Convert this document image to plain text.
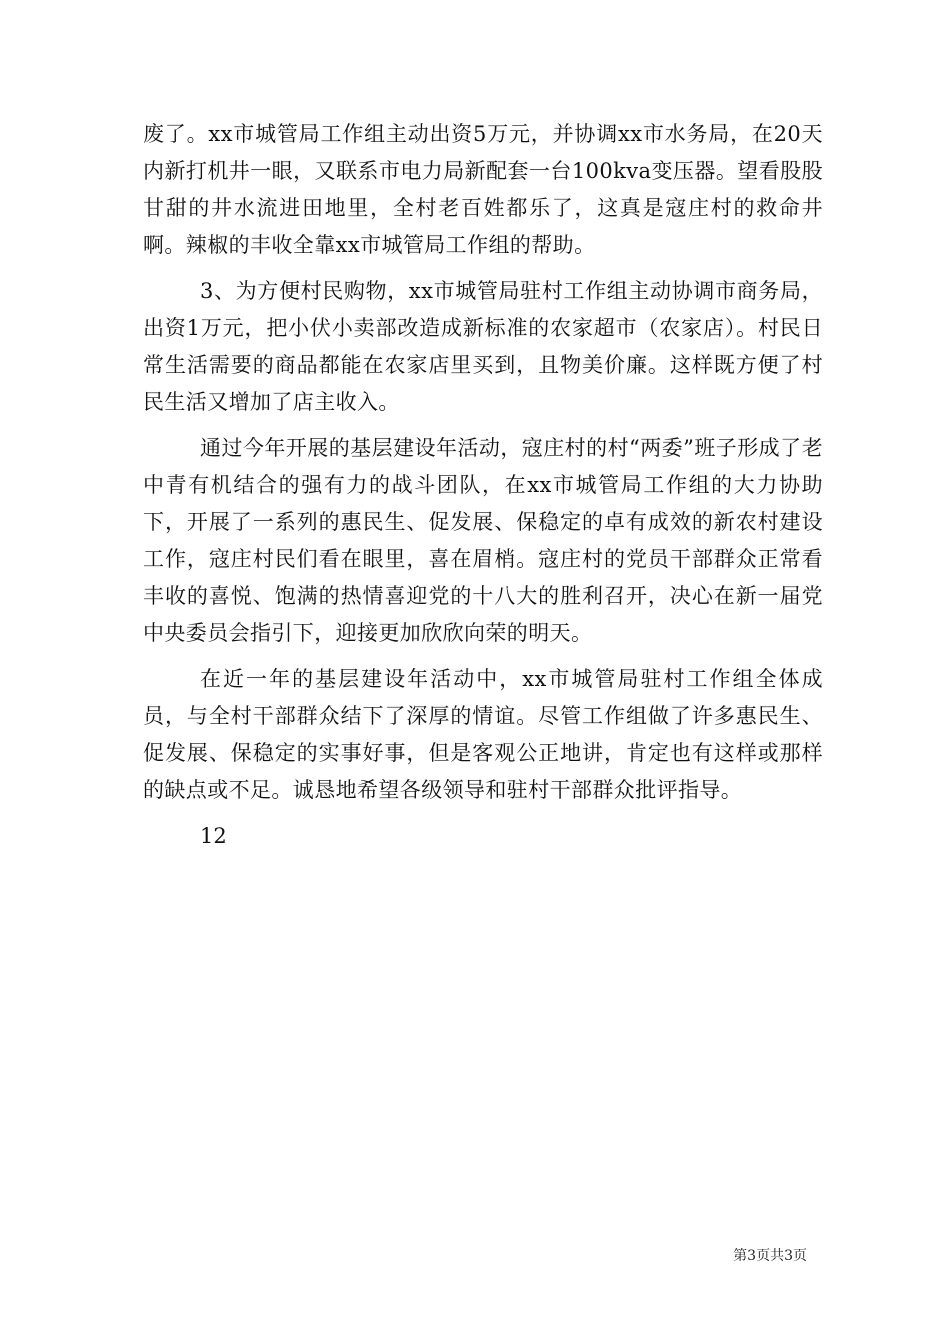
废了。xx市城管局工作组主动出资5万元，并协调xx市水务局，在20天内新打机井一眼，又联系市电力局新配套一台100kva变压器。望看股股甘甜的井水流进田地里，全村老百姓都乐了，这真是寇庄村的救命井啊。辣椒的丰收全靠xx市城管局工作组的帮助。

3、为方便村民购物，xx市城管局驻村工作组主动协调市商务局，出资1万元，把小伏小卖部改造成新标准的农家超市（农家店）。村民日常生活需要的商品都能在农家店里买到，且物美价廉。这样既方便了村民生活又增加了店主收入。

通过今年开展的基层建设年活动，寇庄村的村“两委”班子形成了老中青有机结合的强有力的战斗团队，在xx市城管局工作组的大力协助下，开展了一系列的惠民生、促发展、保稳定的卓有成效的新农村建设工作，寇庄村民们看在眼里，喜在眉梢。寇庄村的党员干部群众正常看丰收的喜悦、饱满的热情喜迎党的十八大的胜利召开，决心在新一届党中央委员会指引下，迎接更加欣欣向荣的明天。

在近一年的基层建设年活动中，xx市城管局驻村工作组全体成员，与全村干部群众结下了深厚的情谊。尽管工作组做了许多惠民生、促发展、保稳定的实事好事，但是客观公正地讲，肯定也有这样或那样的缺点或不足。诚恳地希望各级领导和驻村干部群众批评指导。

12

第3页共3页
